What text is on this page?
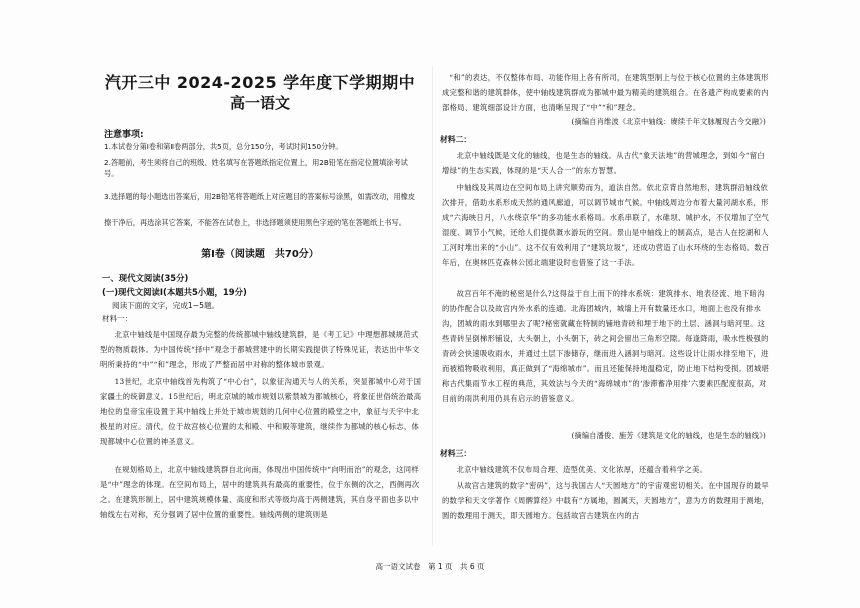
汽开三中 2024-2025 学年度下学期期中
高一语文
注意事项:
1.本试卷分第Ⅰ卷和第Ⅱ卷两部分，共5页，总分150分，考试时间150分钟。
2.答题前，考生须将自己的班级、姓名填写在答题纸指定位置上，用2B铅笔在指定位置填涂考试号。
3.选择题的每小题选出答案后，用2B铅笔将答题纸上对应题目的答案标号涂黑，如需改动，用橡皮擦干净后，再选涂其它答案，不能答在试卷上，非选择题须使用黑色字迹的笔在答题纸上书写。
第Ⅰ卷（阅读题　共70分）
一、现代文阅读(35分)
(一)现代文阅读Ⅰ(本题共5小题，19分)
阅读下面的文字，完成1~5题。
材料一：
北京中轴线是中国现存最为完整的传统都城中轴线建筑群，是《考工记》中理想都城规范式型的物质载体。为中国传统“择中”观念于都城营建中的长期实践提供了特殊见证，表达出中华文明所秉持的“中”“和”理念，形成了严整而居中对称的整体城市景观。
13世纪，北京中轴线首先构筑了“中心台”，以象征沟通天与人的关系，突显都城中心对于国家疆土的统御意义。15世纪后，明北京城的城市规划以紫禁城为都城核心，将象征世俗统治最高地位的皇帝宝座设置于其中轴线上并处于城市规划的几何中心位置的殿堂之中，象征与天宇中北极星的对应。清代，位于故宫核心位置的太和殿、中和殿等建筑，继续作为都城的核心标志，体现都城中心位置的神圣意义。
在规划格局上，北京中轴线建筑群自北向南，体现出中国传统中“向明而治”的观念，这同样是“中”理念的体现。在空间布局上，居中的建筑具有最高的重要性，位于东侧的次之，西侧再次之。在建筑形制上，居中建筑规模体量、高度和形式等级均高于两侧建筑，其自身平面也多以中轴线左右对称，充分强调了居中位置的重要性。轴线两侧的建筑则是
“和”的表达，不仅整体布局、功能作用上各有所司，在建筑型制上与位于核心位置的主体建筑形成完整和谐的建筑群体，使中轴线建筑群成为都城中最为精美的建筑组合。在各遗产构成要素的内部格局、建筑细部设计方面，也清晰呈现了“中”“和”理念。
(摘编自肖维波《北京中轴线：赓续千年文脉履现古今交融》)
材料二：
北京中轴线既是文化的轴线，也是生态的轴线。从古代“象天法地”的营城理念，到如今“留白增绿”的生态实践，体现的是“天人合一”的东方智慧。
中轴线及其周边在空间布局上讲究顺势而为，道法自然。依北京背自然地形，建筑群沿轴线依次排开，借助水系形成天然的通风廊道，可以调节城市气候。中轴线周边分布着大量河湖水系，形成“六海映日月，八水绕京华”的多功能水系格局。水系串联了，水碓坝、城护水，不仅增加了空气湿度、调节小气候，还给人们提供溉水游玩的空间。景山是中轴线上的制高点，是古人在挖湖和人工河时堆出来的“小山”。这不仅有效利用了“建筑垃圾”，还成功营造了山水环绕的生态格局。数百年后，在奥林匹克森林公园北端建设时也借鉴了这一手法。
故宫百年不淹的秘密是什么?这得益于自上而下的排水系统：建筑排水、地表径流、地下暗沟的协作配合以及故宫内外水系的连通。北海团城内，城墙上开有数量还水口，地面上也没有排水沟，团城的雨水到哪里去了呢?秘密就藏在特制的铺地青砖和埋于地下的土层、涵洞与暗河里。这些青砖呈倒梯形铺设，大头朝上，小头朝下，砖之间会留出三角形空隙。每逢降雨，吸水性极强的青砖会快速吸收雨水，并通过土层下渗储存，继而进入涵洞与暗河。这些设计让雨水排至地下，进而被植物吸收利用，真正做到了“海绵城市”。而且还能保持地温稳定，防止地下结构受损。团城堪称古代集雨节水工程的典范，其效法与今天的“海绵城市”的‘渗滞蓄净用排’六要素匹配度很高，对目前的雨洪利用仍具有启示的借鉴意义。
(摘编自潘俊、施芳《建筑是文化的轴线，也是生态的轴线》)
材料三：
北京中轴线建筑不仅布局合理、造型优美、文化浓厚，还蕴含着科学之美。
从故宫古建筑的数字“密码”，这与我国古人“天圆地方”的宇宙观密切相关。在中国现存的最早的数学和天文学著作《周髀算经》中载有“方属地，圆属天，天圆地方”，意为方的数理用于测地，圆的数理用于测天，即天圆地方。包括故宫古建筑在内的古
高一语文试卷　第 1 页　共 6 页
